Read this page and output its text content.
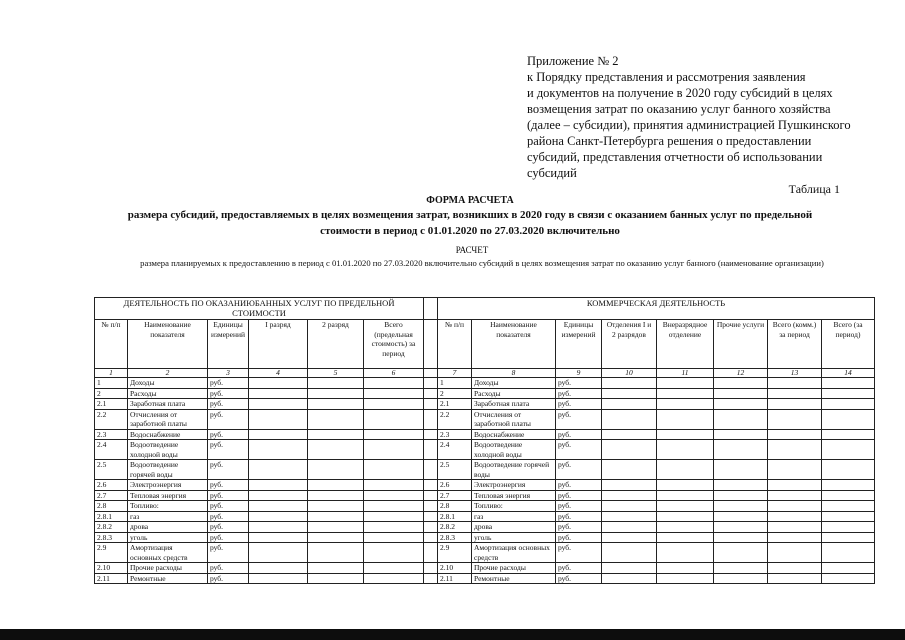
Приложение № 2
к Порядку представления и рассмотрения заявления
и документов на получение в 2020 году субсидий в целях
возмещения затрат по оказанию услуг банного хозяйства
(далее – субсидии), принятия администрацией Пушкинского
района Санкт-Петербурга решения о предоставлении
субсидий, представления отчетности об использовании
субсидий
Таблица 1
ФОРМА РАСЧЕТА
размера субсидий, предоставляемых в целях возмещения затрат, возникших в 2020 году в связи с оказанием банных услуг по предельной
стоимости в период с 01.01.2020 по 27.03.2020 включительно
РАСЧЕТ
размера планируемых к предоставлению в период с 01.01.2020 по 27.03.2020 включительно субсидий в целях возмещения затрат по оказанию услуг банного (наименование организации)
ДЕЯТЕЛЬНОСТЬ ПО ОКАЗАНИЮБАННЫХ УСЛУГ ПО ПРЕДЕЛЬНОЙ СТОИМОСТИ							КОММЕРЧЕСКАЯ ДЕЯТЕЛЬНОСТЬ							
№ п/п	Наименование показателя	Единицы измерений	I разряд	2 разряд	Всего (предельная стоимость) за период		№ п/п	Наименование показателя	Единицы измерений	Отделения I и 2 разрядов	Внеразрядное отделение	Прочие услуги	Всего (комм.) за период	Всего (за период)
1	2	3	4	5	6		7	8	9	10	11	12	13	14
1	Доходы	руб.					1	Доходы	руб.					
2	Расходы	руб.					2	Расходы	руб.					
2.1	Заработная плата	руб.					2.1	Заработная плата	руб.					
2.2	Отчисления от заработной платы	руб.					2.2	Отчисления от заработной платы	руб.					
2.3	Водоснабжение	руб.					2.3	Водоснабжение	руб.					
2.4	Водоотведение холодной воды	руб.					2.4	Водоотведение холодной воды	руб.					
2.5	Водоотведение горячей воды	руб.					2.5	Водоотведение горячей воды	руб.					
2.6	Электроэнергия	руб.					2.6	Электроэнергия	руб.					
2.7	Тепловая энергия	руб.					2.7	Тепловая энергия	руб.					
2.8	Топливо:	руб.					2.8	Топливо:	руб.					
2.8.1	газ	руб.					2.8.1	газ	руб.					
2.8.2	дрова	руб.					2.8.2	дрова	руб.					
2.8.3	уголь	руб.					2.8.3	уголь	руб.					
2.9	Амортизация основных средств	руб.					2.9	Амортизация основных средств	руб.					
2.10	Прочие расходы	руб.					2.10	Прочие расходы	руб.					
2.11	Ремонтные	руб.					2.11	Ремонтные	руб.					
